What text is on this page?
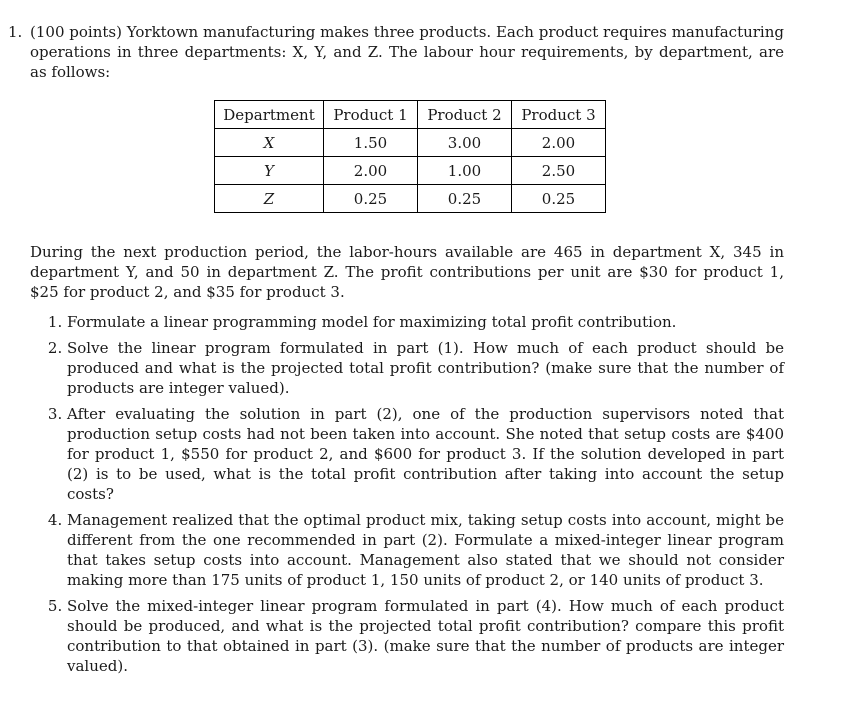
1. (100 points) Yorktown manufacturing makes three products. Each product requires manufacturing operations in three departments: X, Y, and Z. The labour hour requirements, by department, are as follows:

Department	Product 1	Product 2	Product 3
X	1.50	3.00	2.00
Y	2.00	1.00	2.50
Z	0.25	0.25	0.25

During the next production period, the labor-hours available are 465 in department X, 345 in department Y, and 50 in department Z. The profit contributions per unit are $30 for product 1, $25 for product 2, and $35 for product 3.

1. Formulate a linear programming model for maximizing total profit contribution.
2. Solve the linear program formulated in part (1). How much of each product should be produced and what is the projected total profit contribution? (make sure that the number of products are integer valued).
3. After evaluating the solution in part (2), one of the production supervisors noted that production setup costs had not been taken into account. She noted that setup costs are $400 for product 1, $550 for product 2, and $600 for product 3. If the solution developed in part (2) is to be used, what is the total profit contribution after taking into account the setup costs?
4. Management realized that the optimal product mix, taking setup costs into account, might be different from the one recommended in part (2). Formulate a mixed-integer linear program that takes setup costs into account. Management also stated that we should not consider making more than 175 units of product 1, 150 units of product 2, or 140 units of product 3.
5. Solve the mixed-integer linear program formulated in part (4). How much of each product should be produced, and what is the projected total profit contribution? compare this profit contribution to that obtained in part (3). (make sure that the number of products are integer valued).
